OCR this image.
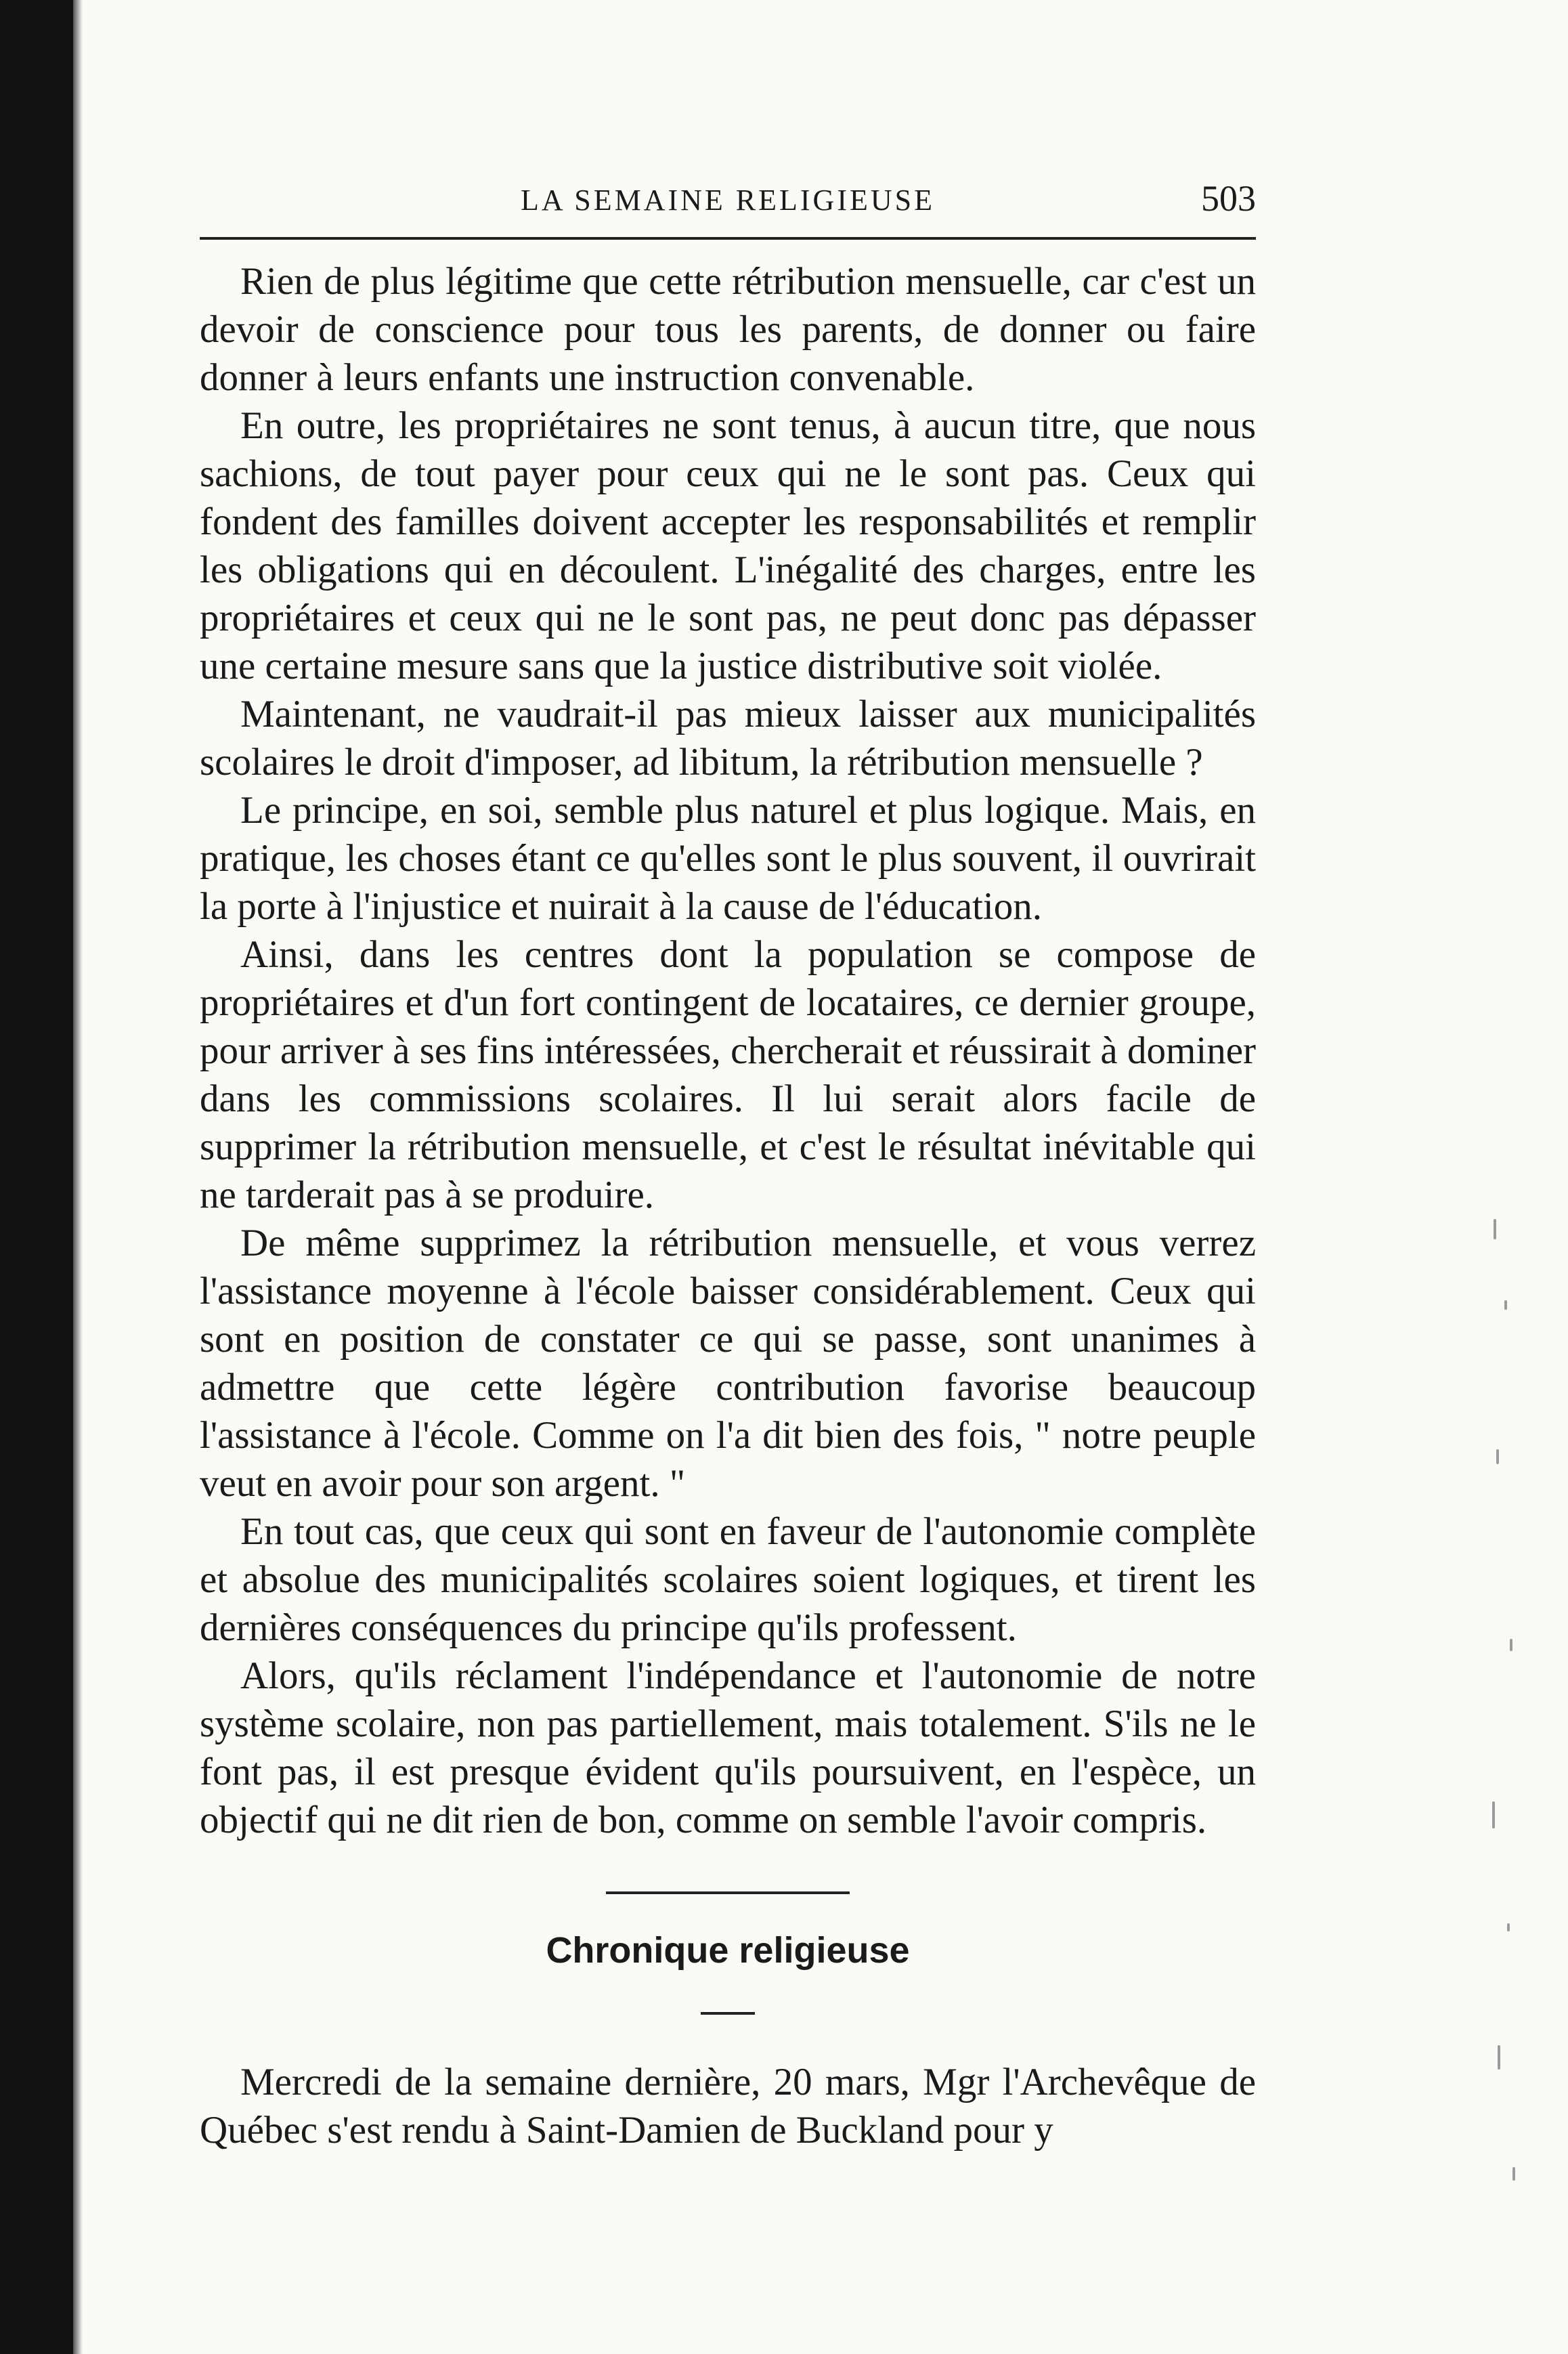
LA SEMAINE RELIGIEUSE	503

Rien de plus légitime que cette rétribution mensuelle, car c'est un devoir de conscience pour tous les parents, de donner ou faire donner à leurs enfants une instruction convenable.

En outre, les propriétaires ne sont tenus, à aucun titre, que nous sachions, de tout payer pour ceux qui ne le sont pas. Ceux qui fondent des familles doivent accepter les responsabilités et remplir les obligations qui en découlent. L'inégalité des charges, entre les propriétaires et ceux qui ne le sont pas, ne peut donc pas dépasser une certaine mesure sans que la justice distributive soit violée.

Maintenant, ne vaudrait-il pas mieux laisser aux municipalités scolaires le droit d'imposer, ad libitum, la rétribution mensuelle ?

Le principe, en soi, semble plus naturel et plus logique. Mais, en pratique, les choses étant ce qu'elles sont le plus souvent, il ouvrirait la porte à l'injustice et nuirait à la cause de l'éducation.

Ainsi, dans les centres dont la population se compose de propriétaires et d'un fort contingent de locataires, ce dernier groupe, pour arriver à ses fins intéressées, chercherait et réussirait à dominer dans les commissions scolaires. Il lui serait alors facile de supprimer la rétribution mensuelle, et c'est le résultat inévitable qui ne tarderait pas à se produire.

De même supprimez la rétribution mensuelle, et vous verrez l'assistance moyenne à l'école baisser considérablement. Ceux qui sont en position de constater ce qui se passe, sont unanimes à admettre que cette légère contribution favorise beaucoup l'assistance à l'école. Comme on l'a dit bien des fois, " notre peuple veut en avoir pour son argent. "

En tout cas, que ceux qui sont en faveur de l'autonomie complète et absolue des municipalités scolaires soient logiques, et tirent les dernières conséquences du principe qu'ils professent.

Alors, qu'ils réclament l'indépendance et l'autonomie de notre système scolaire, non pas partiellement, mais totalement. S'ils ne le font pas, il est presque évident qu'ils poursuivent, en l'espèce, un objectif qui ne dit rien de bon, comme on semble l'avoir compris.

Chronique religieuse

Mercredi de la semaine dernière, 20 mars, Mgr l'Archevêque de Québec s'est rendu à Saint-Damien de Buckland pour y
